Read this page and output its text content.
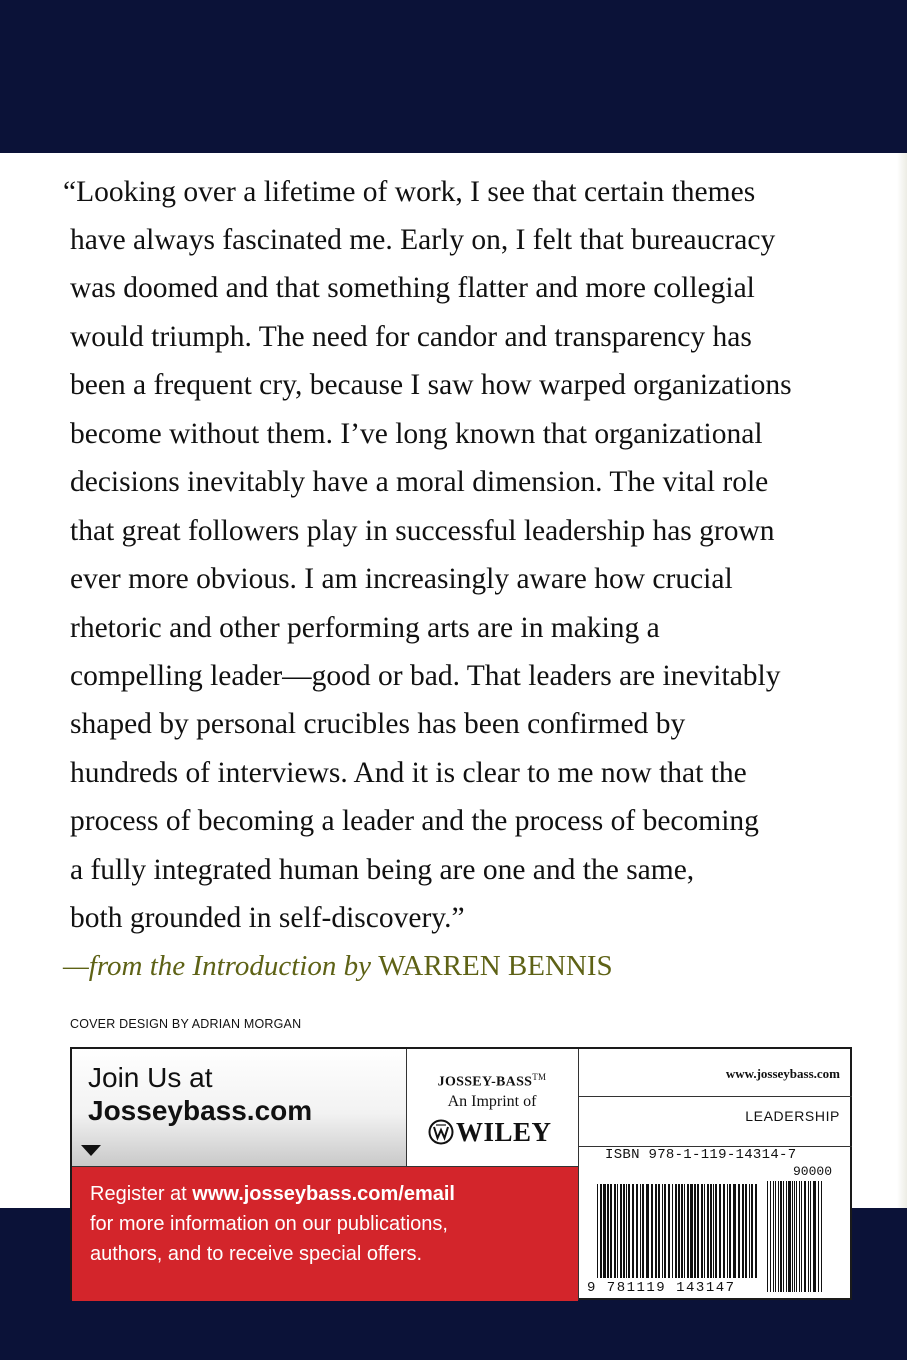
“Looking over a lifetime of work, I see that certain themes
have always fascinated me. Early on, I felt that bureaucracy
was doomed and that something flatter and more collegial
would triumph. The need for candor and transparency has
been a frequent cry, because I saw how warped organizations
become without them. I’ve long known that organizational
decisions inevitably have a moral dimension. The vital role
that great followers play in successful leadership has grown
ever more obvious. I am increasingly aware how crucial
rhetoric and other performing arts are in making a
compelling leader—good or bad. That leaders are inevitably
shaped by personal crucibles has been confirmed by
hundreds of interviews. And it is clear to me now that the
process of becoming a leader and the process of becoming
a fully integrated human being are one and the same,
both grounded in self-discovery.”
—from the Introduction by WARREN BENNIS
COVER DESIGN BY ADRIAN MORGAN
Join Us at
Josseybass.com
JOSSEY-BASS™
An Imprint of
WILEY
www.josseybass.com
LEADERSHIP
Register at www.josseybass.com/email
for more information on our publications,
authors, and to receive special offers.
ISBN 978-1-119-14314-7
90000
9 781119 143147
